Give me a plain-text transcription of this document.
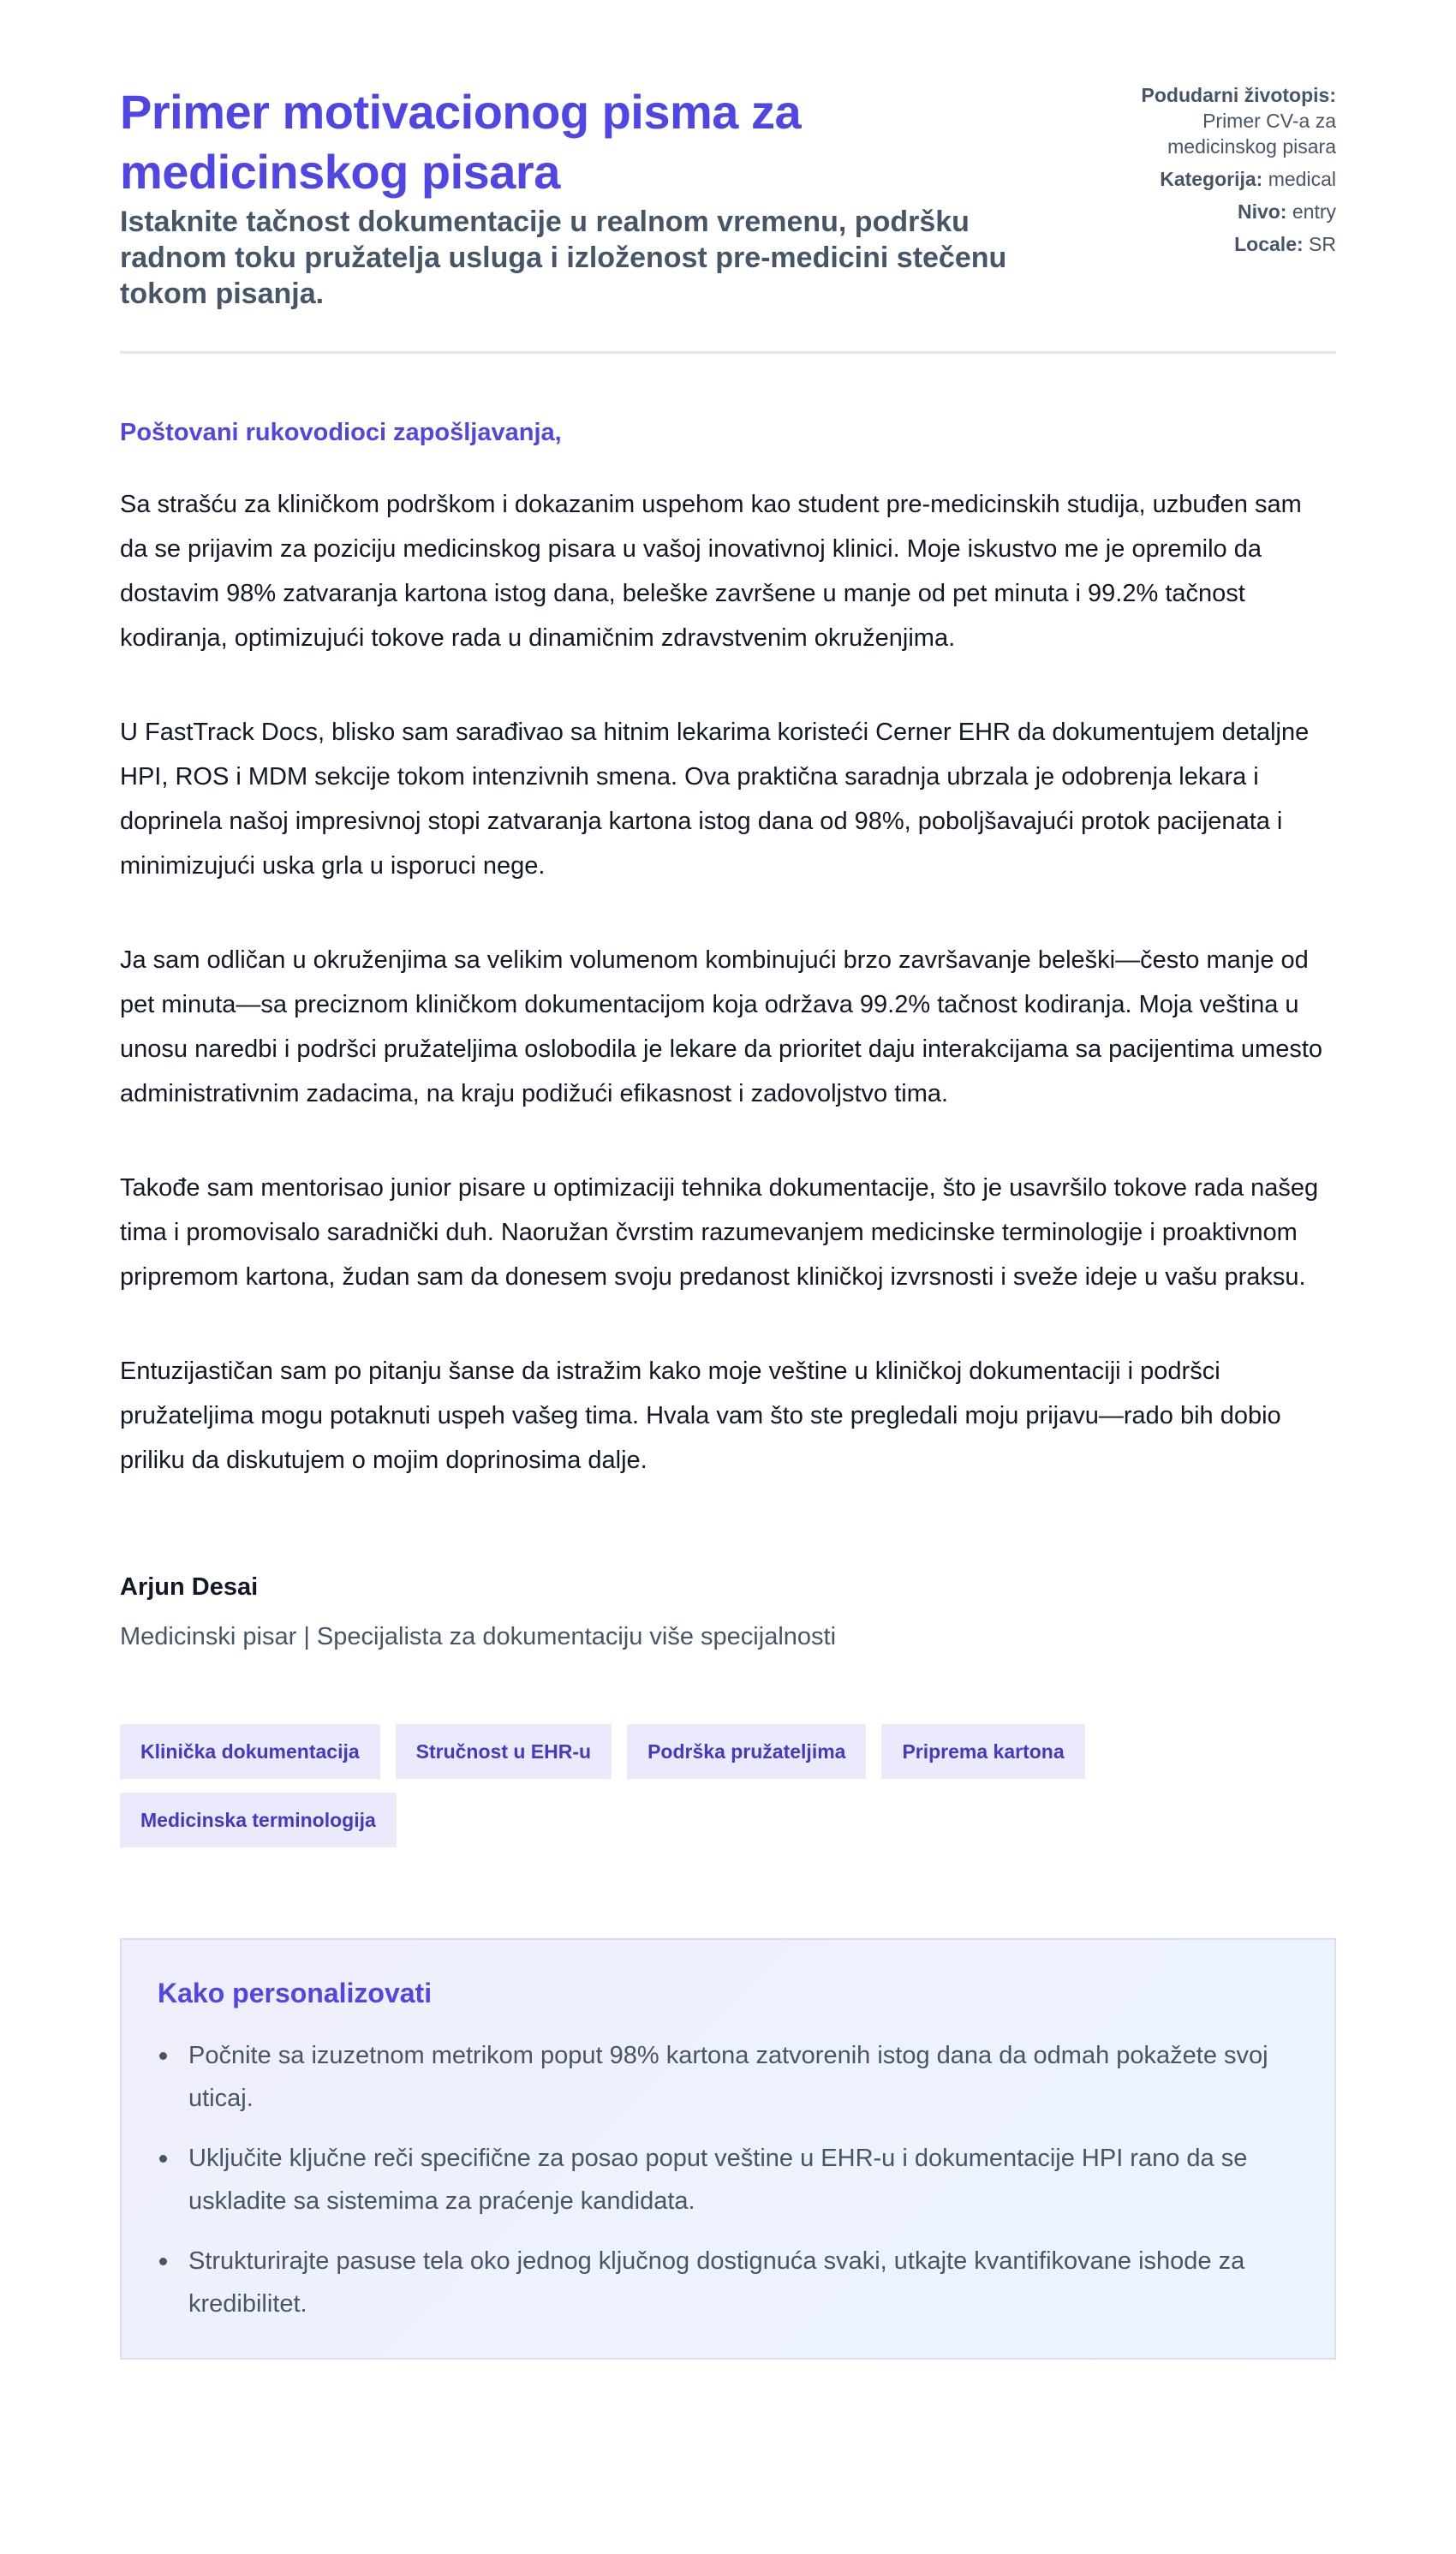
Primer motivacionog pisma za medicinskog pisara

Istaknite tačnost dokumentacije u realnom vremenu, podršku radnom toku pružatelja usluga i izloženost pre-medicini stečenu tokom pisanja.

Podudarni životopis: Primer CV-a za medicinskog pisara
Kategorija: medical
Nivo: entry
Locale: SR

Poštovani rukovodioci zapošljavanja,

Sa strašću za kliničkom podrškom i dokazanim uspehom kao student pre-medicinskih studija, uzbuđen sam da se prijavim za poziciju medicinskog pisara u vašoj inovativnoj klinici. Moje iskustvo me je opremilo da dostavim 98% zatvaranja kartona istog dana, beleške završene u manje od pet minuta i 99.2% tačnost kodiranja, optimizujući tokove rada u dinamičnim zdravstvenim okruženjima.

U FastTrack Docs, blisko sam sarađivao sa hitnim lekarima koristeći Cerner EHR da dokumentujem detaljne HPI, ROS i MDM sekcije tokom intenzivnih smena. Ova praktična saradnja ubrzala je odobrenja lekara i doprinela našoj impresivnoj stopi zatvaranja kartona istog dana od 98%, poboljšavajući protok pacijenata i minimizujući uska grla u isporuci nege.

Ja sam odličan u okruženjima sa velikim volumenom kombinujući brzo završavanje beleški—često manje od pet minuta—sa preciznom kliničkom dokumentacijom koja održava 99.2% tačnost kodiranja. Moja veština u unosu naredbi i podršci pružateljima oslobodila je lekare da prioritet daju interakcijama sa pacijentima umesto administrativnim zadacima, na kraju podižući efikasnost i zadovoljstvo tima.

Takođe sam mentorisao junior pisare u optimizaciji tehnika dokumentacije, što je usavršilo tokove rada našeg tima i promovisalo saradnički duh. Naoružan čvrstim razumevanjem medicinske terminologije i proaktivnom pripremom kartona, žudan sam da donesem svoju predanost kliničkoj izvrsnosti i sveže ideje u vašu praksu.

Entuzijastičan sam po pitanju šanse da istražim kako moje veštine u kliničkoj dokumentaciji i podršci pružateljima mogu potaknuti uspeh vašeg tima. Hvala vam što ste pregledali moju prijavu—rado bih dobio priliku da diskutujem o mojim doprinosima dalje.

Arjun Desai
Medicinski pisar | Specijalista za dokumentaciju više specijalnosti
Klinička dokumentacija	Stručnost u EHR-u	Podrška pružateljima	Priprema kartona
Medicinska terminologija
Kako personalizovati
Počnite sa izuzetnom metrikom poput 98% kartona zatvorenih istog dana da odmah pokažete svoj uticaj.
Uključite ključne reči specifične za posao poput veštine u EHR-u i dokumentacije HPI rano da se uskladite sa sistemima za praćenje kandidata.
Strukturirajte pasuse tela oko jednog ključnog dostignuća svaki, utkajte kvantifikovane ishode za kredibilitet.
